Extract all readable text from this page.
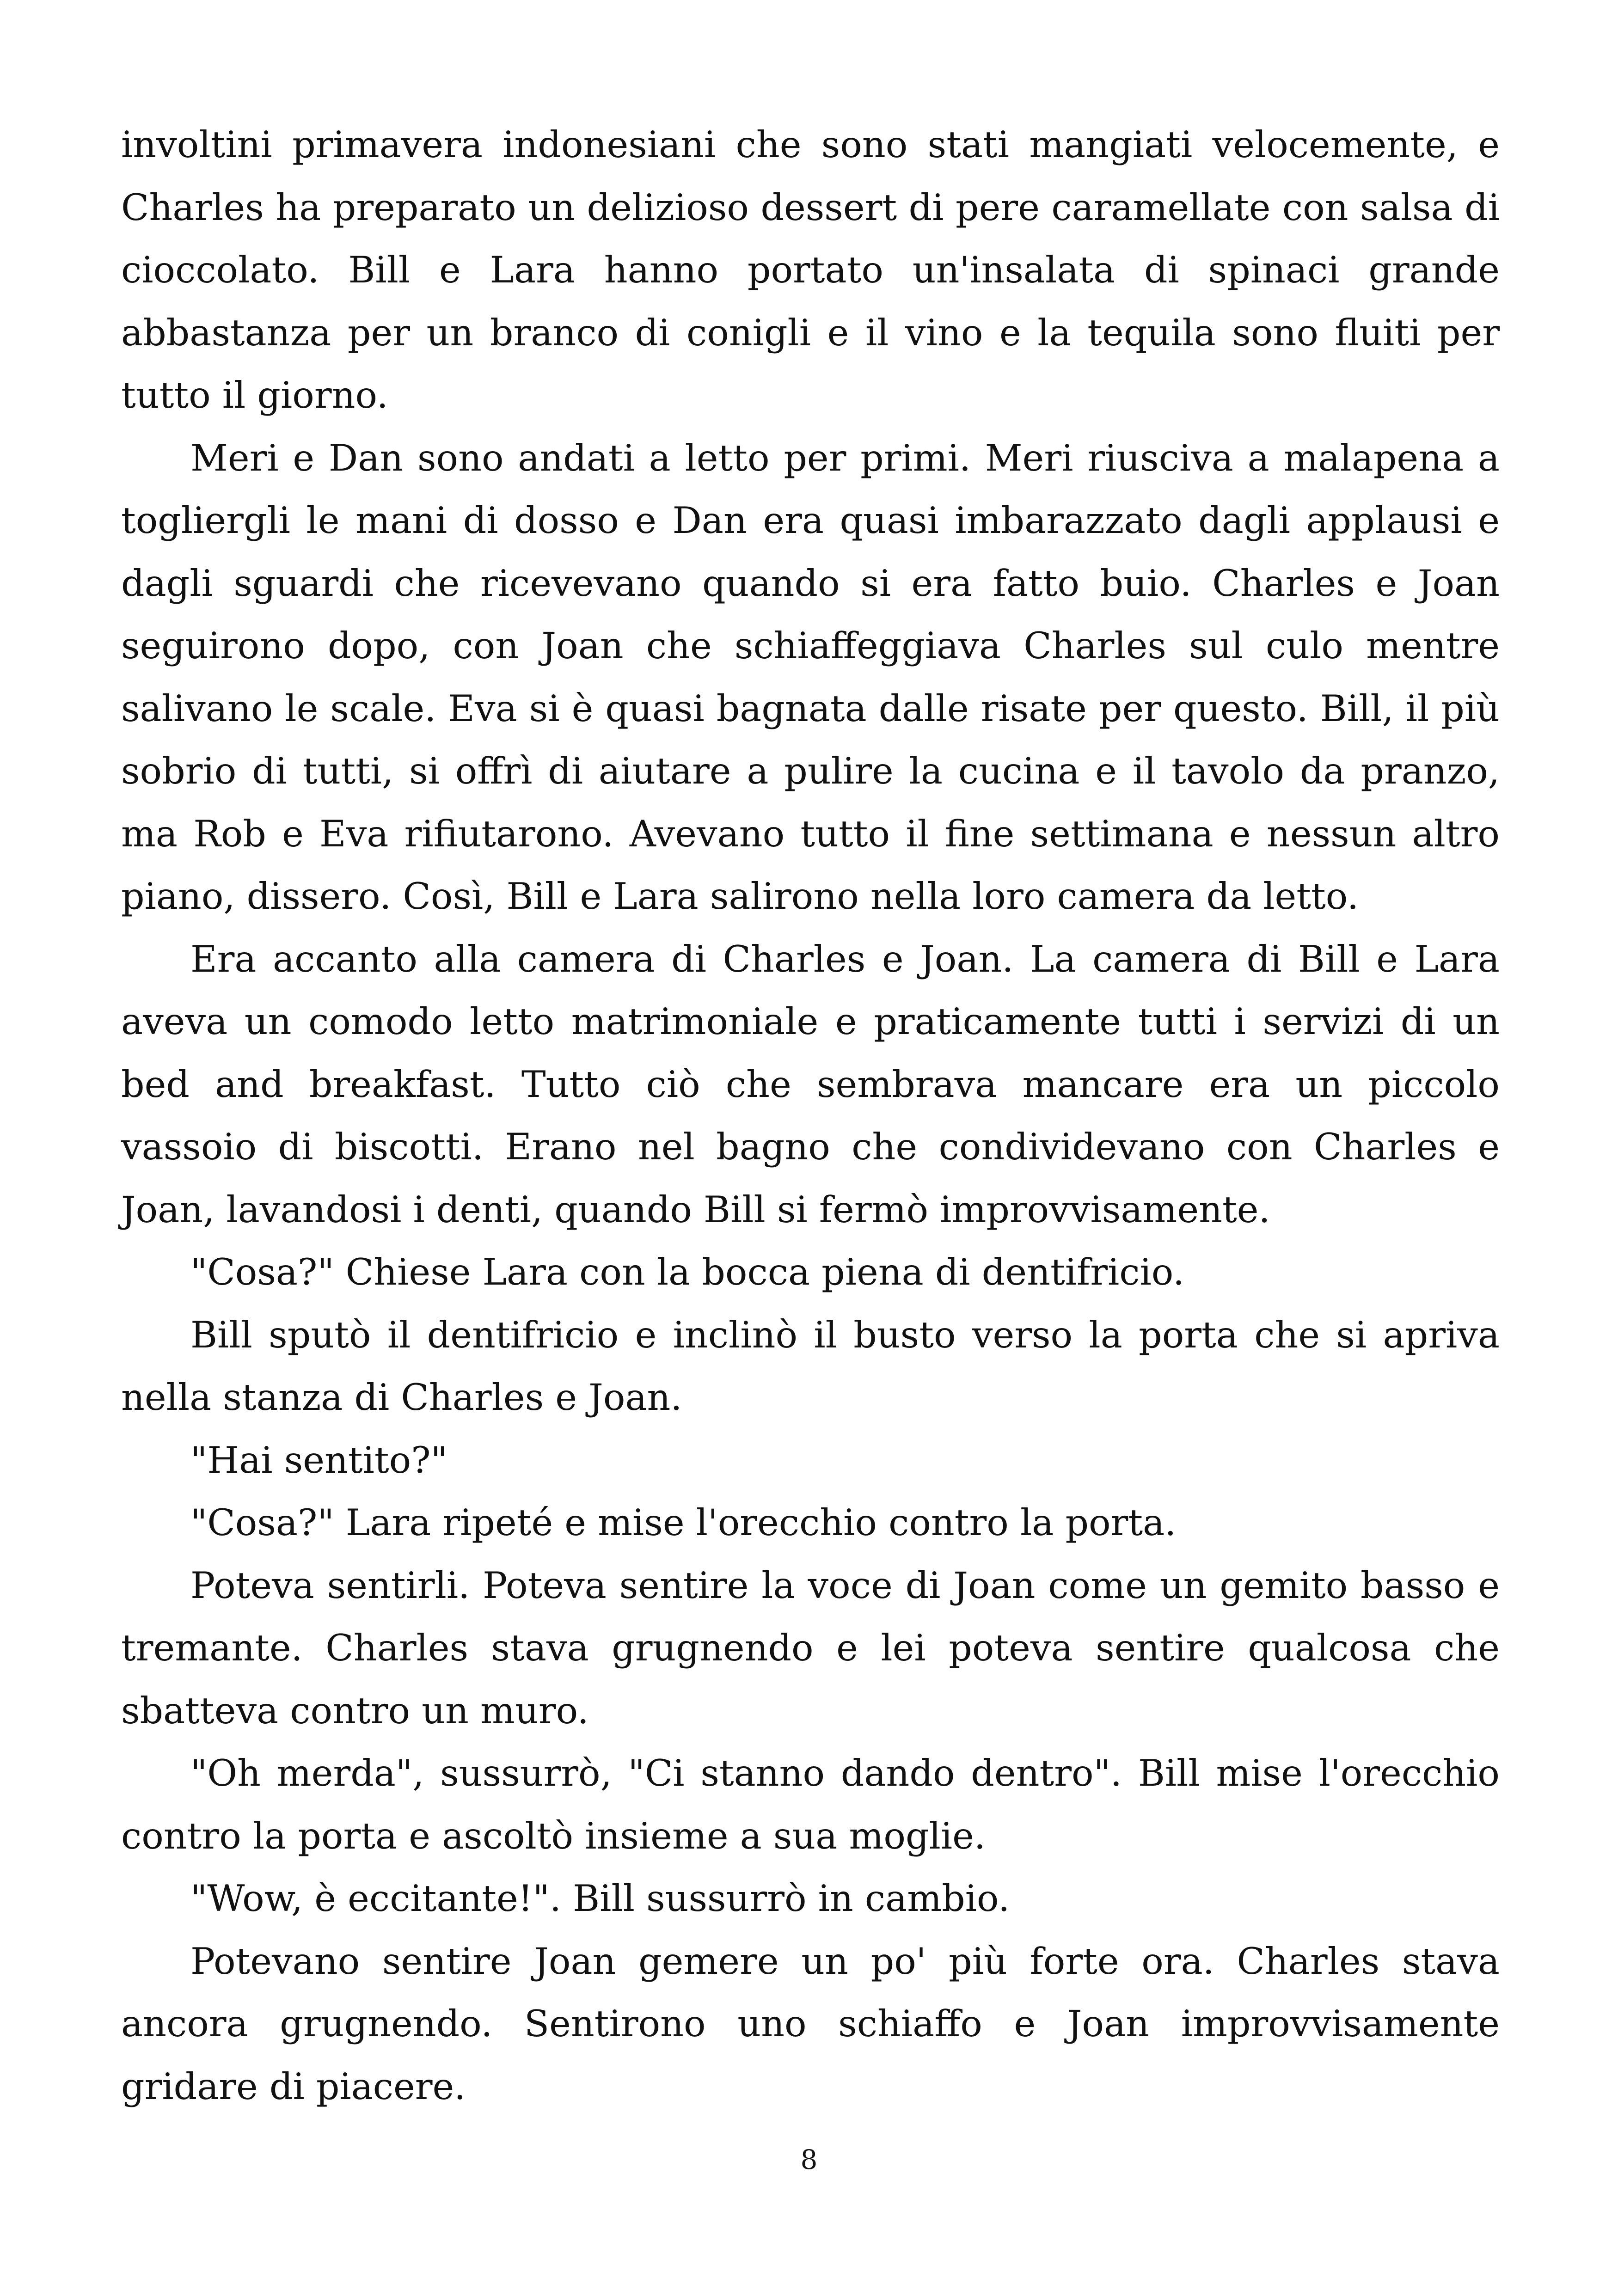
involtini primavera indonesiani che sono stati mangiati velocemente, e Charles ha preparato un delizioso dessert di pere caramellate con salsa di cioccolato. Bill e Lara hanno portato un'insalata di spinaci grande abbastanza per un branco di conigli e il vino e la tequila sono fluiti per tutto il giorno.

Meri e Dan sono andati a letto per primi. Meri riusciva a malapena a togliergli le mani di dosso e Dan era quasi imbarazzato dagli applausi e dagli sguardi che ricevevano quando si era fatto buio. Charles e Joan seguirono dopo, con Joan che schiaffeggiava Charles sul culo mentre salivano le scale. Eva si è quasi bagnata dalle risate per questo. Bill, il più sobrio di tutti, si offrì di aiutare a pulire la cucina e il tavolo da pranzo, ma Rob e Eva rifiutarono. Avevano tutto il fine settimana e nessun altro piano, dissero. Così, Bill e Lara salirono nella loro camera da letto.

Era accanto alla camera di Charles e Joan. La camera di Bill e Lara aveva un comodo letto matrimoniale e praticamente tutti i servizi di un bed and breakfast. Tutto ciò che sembrava mancare era un piccolo vassoio di biscotti. Erano nel bagno che condividevano con Charles e Joan, lavandosi i denti, quando Bill si fermò improvvisamente.

"Cosa?" Chiese Lara con la bocca piena di dentifricio.

Bill sputò il dentifricio e inclinò il busto verso la porta che si apriva nella stanza di Charles e Joan.

"Hai sentito?"

"Cosa?" Lara ripeté e mise l'orecchio contro la porta.

Poteva sentirli. Poteva sentire la voce di Joan come un gemito basso e tremante. Charles stava grugnendo e lei poteva sentire qualcosa che sbatteva contro un muro.

"Oh merda", sussurrò, "Ci stanno dando dentro". Bill mise l'orecchio contro la porta e ascoltò insieme a sua moglie.

"Wow, è eccitante!". Bill sussurrò in cambio.

Potevano sentire Joan gemere un po' più forte ora. Charles stava ancora grugnendo. Sentirono uno schiaffo e Joan improvvisamente gridare di piacere.

8
